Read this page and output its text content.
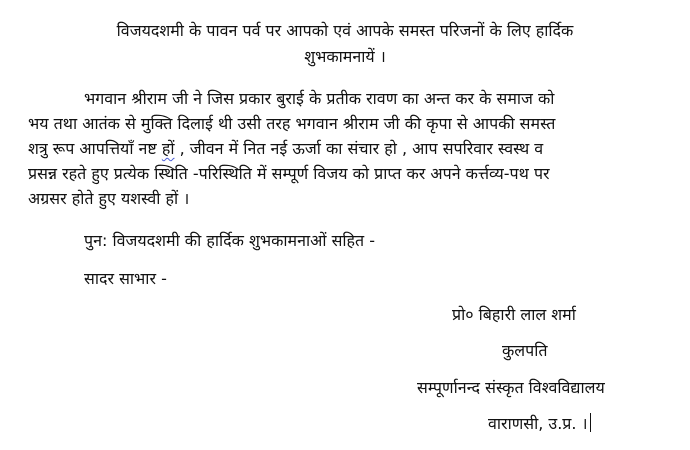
विजयदशमी के पावन पर्व पर आपको एवं आपके समस्त परिजनों के लिए हार्दिक
शुभकामनायें ।
भगवान श्रीराम जी ने जिस प्रकार बुराई के प्रतीक रावण का अन्त कर के समाज को
भय तथा आतंक से मुक्ति दिलाई थी उसी तरह भगवान श्रीराम जी की कृपा से आपकी समस्त
शत्रु रूप आपत्तियाँ नष्ट हों , जीवन में नित नई ऊर्जा का संचार हो , आप सपरिवार स्वस्थ व
प्रसन्न रहते हुए प्रत्येक स्थिति -परिस्थिति में सम्पूर्ण विजय को प्राप्त कर अपने कर्त्तव्य-पथ पर
अग्रसर होते हुए यशस्वी हों ।
पुन: विजयदशमी की हार्दिक शुभकामनाओं सहित -
सादर साभार -
प्रो० बिहारी लाल शर्मा
कुलपति
सम्पूर्णानन्द संस्कृत विश्वविद्यालय
वाराणसी, उ.प्र. ।
